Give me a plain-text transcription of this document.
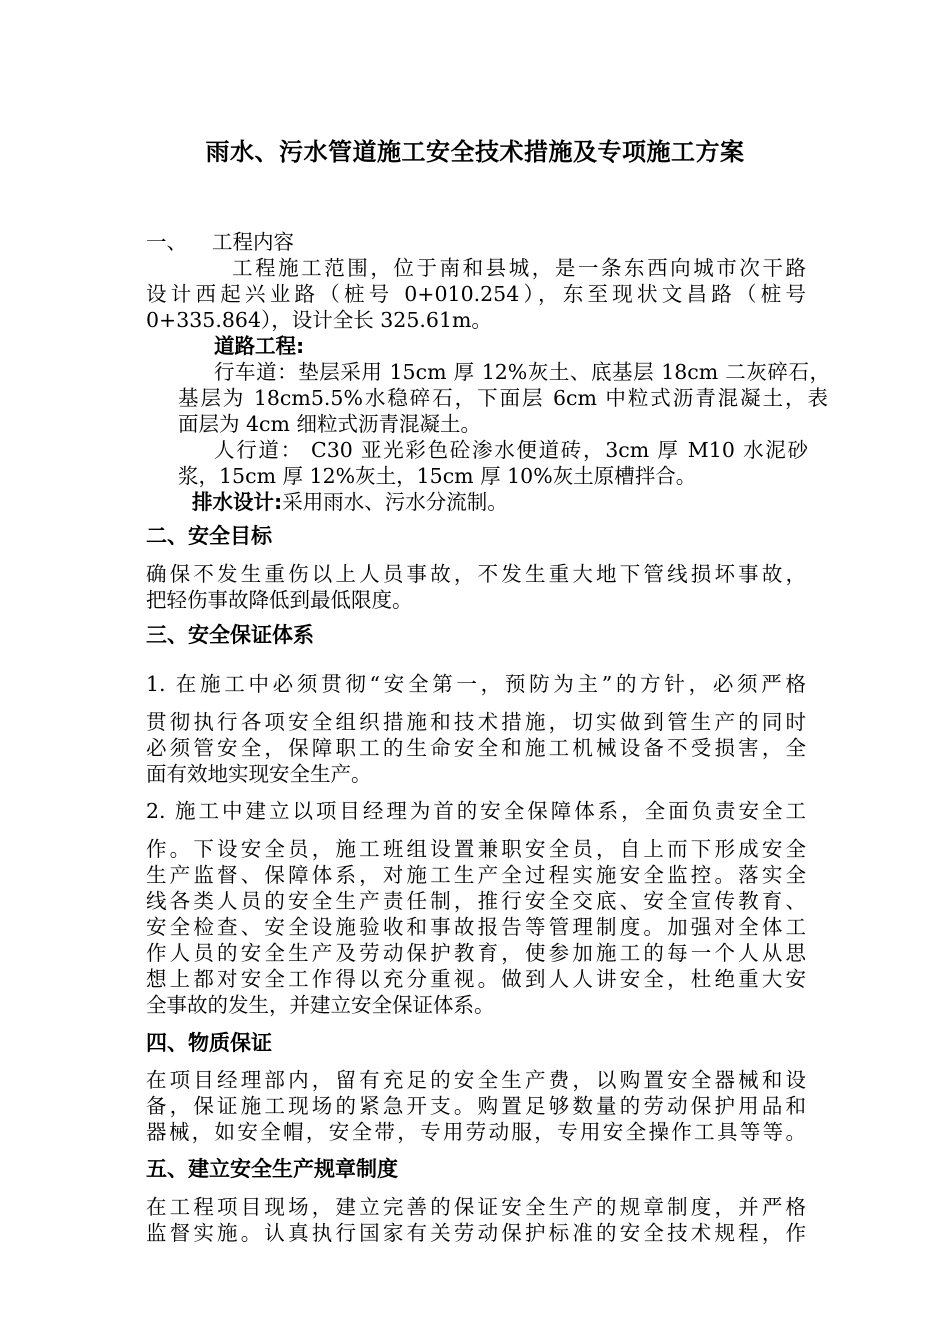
雨水、污水管道施工安全技术措施及专项施工方案
一、 工程内容
工程施工范围，位于南和县城，是一条东西向城市次干路
设计西起兴业路（桩号 0+010.254），东至现状文昌路（桩号
0+335.864），设计全长 325.61m。
道路工程:
行车道：垫层采用 15cm 厚 12%灰土、底基层 18cm 二灰碎石，
基层为 18cm5.5%水稳碎石，下面层 6cm 中粒式沥青混凝土，表
面层为 4cm 细粒式沥青混凝土。
人行道： C30 亚光彩色砼渗水便道砖，3cm 厚 M10 水泥砂
浆，15cm 厚 12%灰土，15cm 厚 10%灰土原槽拌合。
排水设计:采用雨水、污水分流制。
二、安全目标
确保不发生重伤以上人员事故，不发生重大地下管线损坏事故，
把轻伤事故降低到最低限度。
三、安全保证体系
1. 在施工中必须贯彻“安全第一，预防为主”的方针，必须严格
贯彻执行各项安全组织措施和技术措施，切实做到管生产的同时
必须管安全，保障职工的生命安全和施工机械设备不受损害，全
面有效地实现安全生产。
2. 施工中建立以项目经理为首的安全保障体系，全面负责安全工
作。下设安全员，施工班组设置兼职安全员，自上而下形成安全
生产监督、保障体系，对施工生产全过程实施安全监控。落实全
线各类人员的安全生产责任制，推行安全交底、安全宣传教育、
安全检查、安全设施验收和事故报告等管理制度。加强对全体工
作人员的安全生产及劳动保护教育，使参加施工的每一个人从思
想上都对安全工作得以充分重视。做到人人讲安全，杜绝重大安
全事故的发生，并建立安全保证体系。
四、物质保证
在项目经理部内，留有充足的安全生产费，以购置安全器械和设
备，保证施工现场的紧急开支。购置足够数量的劳动保护用品和
器械，如安全帽，安全带，专用劳动服，专用安全操作工具等等。
五、建立安全生产规章制度
在工程项目现场，建立完善的保证安全生产的规章制度，并严格
监督实施。认真执行国家有关劳动保护标准的安全技术规程，作
